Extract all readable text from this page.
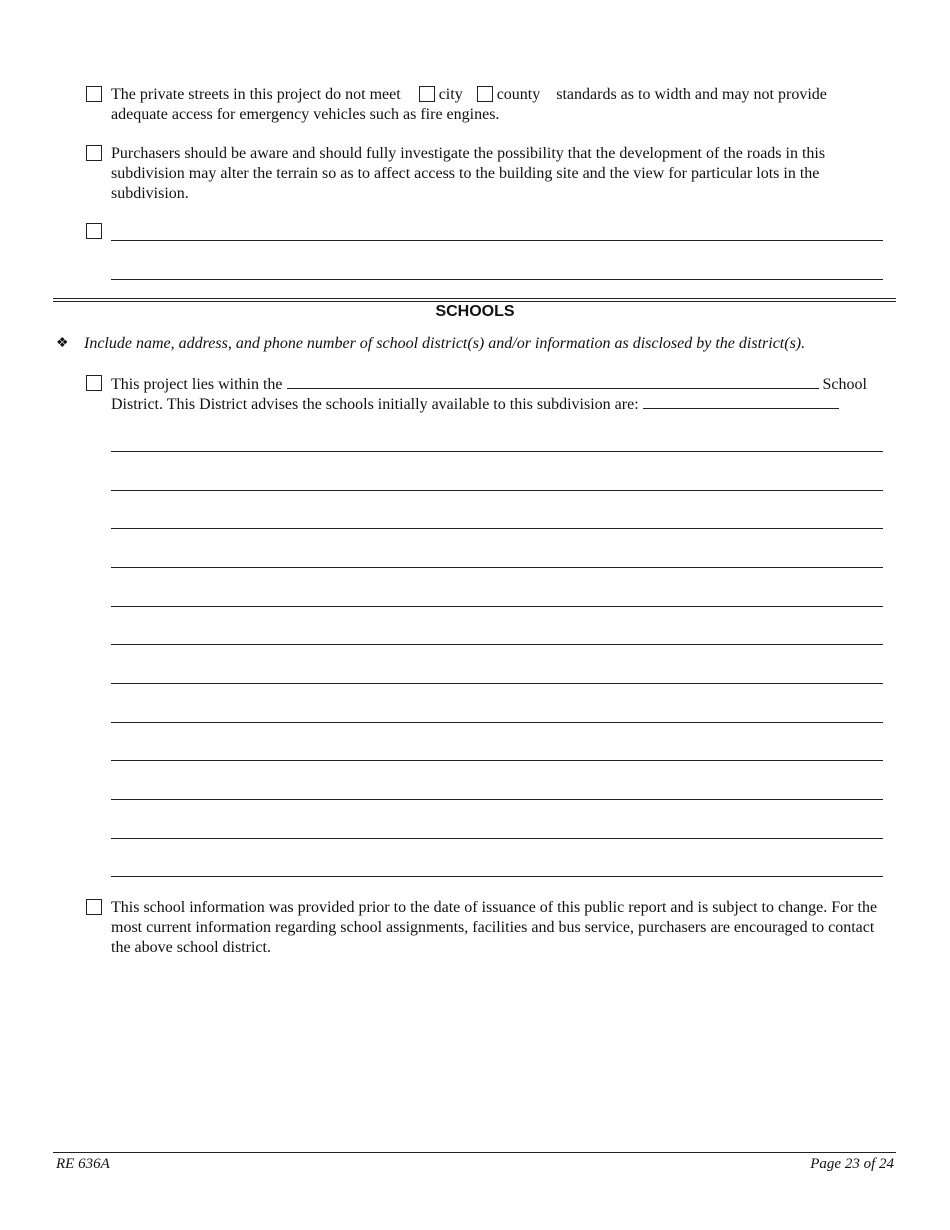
The private streets in this project do not meet city county standards as to width and may not provide
adequate access for emergency vehicles such as fire engines.
Purchasers should be aware and should fully investigate the possibility that the development of the roads in this subdivision may alter the terrain so as to affect access to the building site and the view for particular lots in the subdivision.
SCHOOLS
❖ Include name, address, and phone number of school district(s) and/or information as disclosed by the district(s).
This project lies within the	School
District. This District advises the schools initially available to this subdivision are:
This school information was provided prior to the date of issuance of this public report and is subject to change. For the most current information regarding school assignments, facilities and bus service, purchasers are encouraged to contact the above school district.
RE 636A	Page 23 of 24
